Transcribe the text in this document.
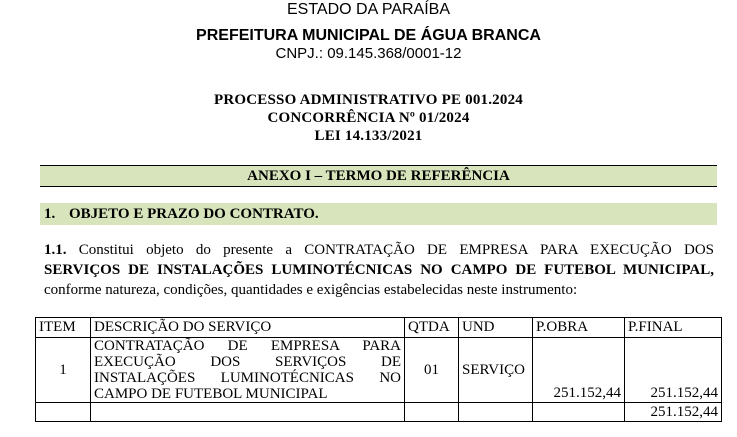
ESTADO DA PARAÍBA
PREFEITURA MUNICIPAL DE ÁGUA BRANCA
CNPJ.: 09.145.368/0001-12
PROCESSO ADMINISTRATIVO PE 001.2024
CONCORRÊNCIA Nº 01/2024
LEI 14.133/2021
ANEXO I – TERMO DE REFERÊNCIA
1. OBJETO E PRAZO DO CONTRATO.
1.1. Constitui objeto do presente a CONTRATAÇÃO DE EMPRESA PARA EXECUÇÃO DOS
SERVIÇOS DE INSTALAÇÕES LUMINOTÉCNICAS NO CAMPO DE FUTEBOL MUNICIPAL,
conforme natureza, condições, quantidades e exigências estabelecidas neste instrumento:
ITEM	DESCRIÇÃO DO SERVIÇO	QTDA	UND	P.OBRA	P.FINAL
1	CONTRATAÇÃO DE EMPRESA PARA
EXECUÇÃO DOS SERVIÇOS DE
INSTALAÇÕES LUMINOTÉCNICAS NO
CAMPO DE FUTEBOL MUNICIPAL	01	SERVIÇO	251.152,44	251.152,44
					251.152,44
